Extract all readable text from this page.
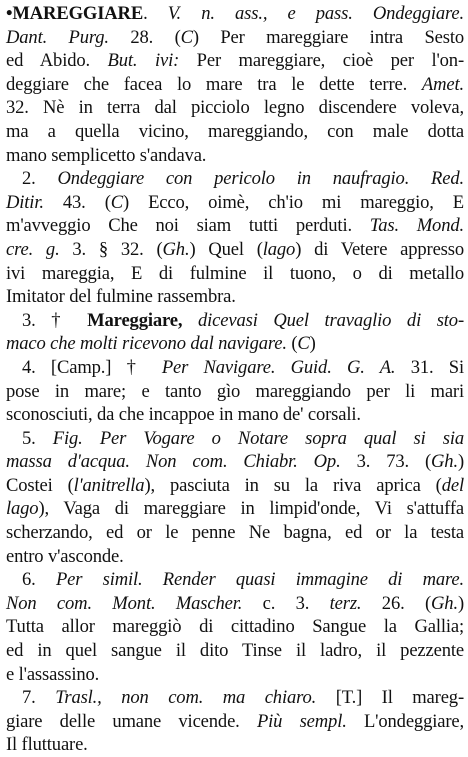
•MAREGGIARE. V. n. ass., e pass. Ondeggiare.
Dant. Purg. 28. (C) Per mareggiare intra Sesto
ed Abido. But. ivi: Per mareggiare, cioè per l'on-
deggiare che facea lo mare tra le dette terre. Amet.
32. Nè in terra dal picciolo legno discendere voleva,
ma a quella vicino, mareggiando, con male dotta
mano semplicetto s'andava.
2. Ondeggiare con pericolo in naufragio. Red.
Ditir. 43. (C) Ecco, oimè, ch'io mi mareggio, E
m'avveggio Che noi siam tutti perduti. Tas. Mond.
cre. g. 3. § 32. (Gh.) Quel (lago) di Vetere appresso
ivi mareggia, E di fulmine il tuono, o di metallo
Imitator del fulmine rassembra.
3. † Mareggiare, dicevasi Quel travaglio di sto-
maco che molti ricevono dal navigare. (C)
4. [Camp.] † Per Navigare. Guid. G. A. 31. Si
pose in mare; e tanto gìo mareggiando per li mari
sconosciuti, da che incappoe in mano de' corsali.
5. Fig. Per Vogare o Notare sopra qual si sia
massa d'acqua. Non com. Chiabr. Op. 3. 73. (Gh.)
Costei (l'anitrella), pasciuta in su la riva aprica (del
lago), Vaga di mareggiare in limpid'onde, Vi s'attuffa
scherzando, ed or le penne Ne bagna, ed or la testa
entro v'asconde.
6. Per simil. Render quasi immagine di mare.
Non com. Mont. Mascher. c. 3. terz. 26. (Gh.)
Tutta allor mareggiò di cittadino Sangue la Gallia;
ed in quel sangue il dito Tinse il ladro, il pezzente
e l'assassino.
7. Trasl., non com. ma chiaro. [T.] Il mareg-
giare delle umane vicende. Più sempl. L'ondeggiare,
Il fluttuare.
